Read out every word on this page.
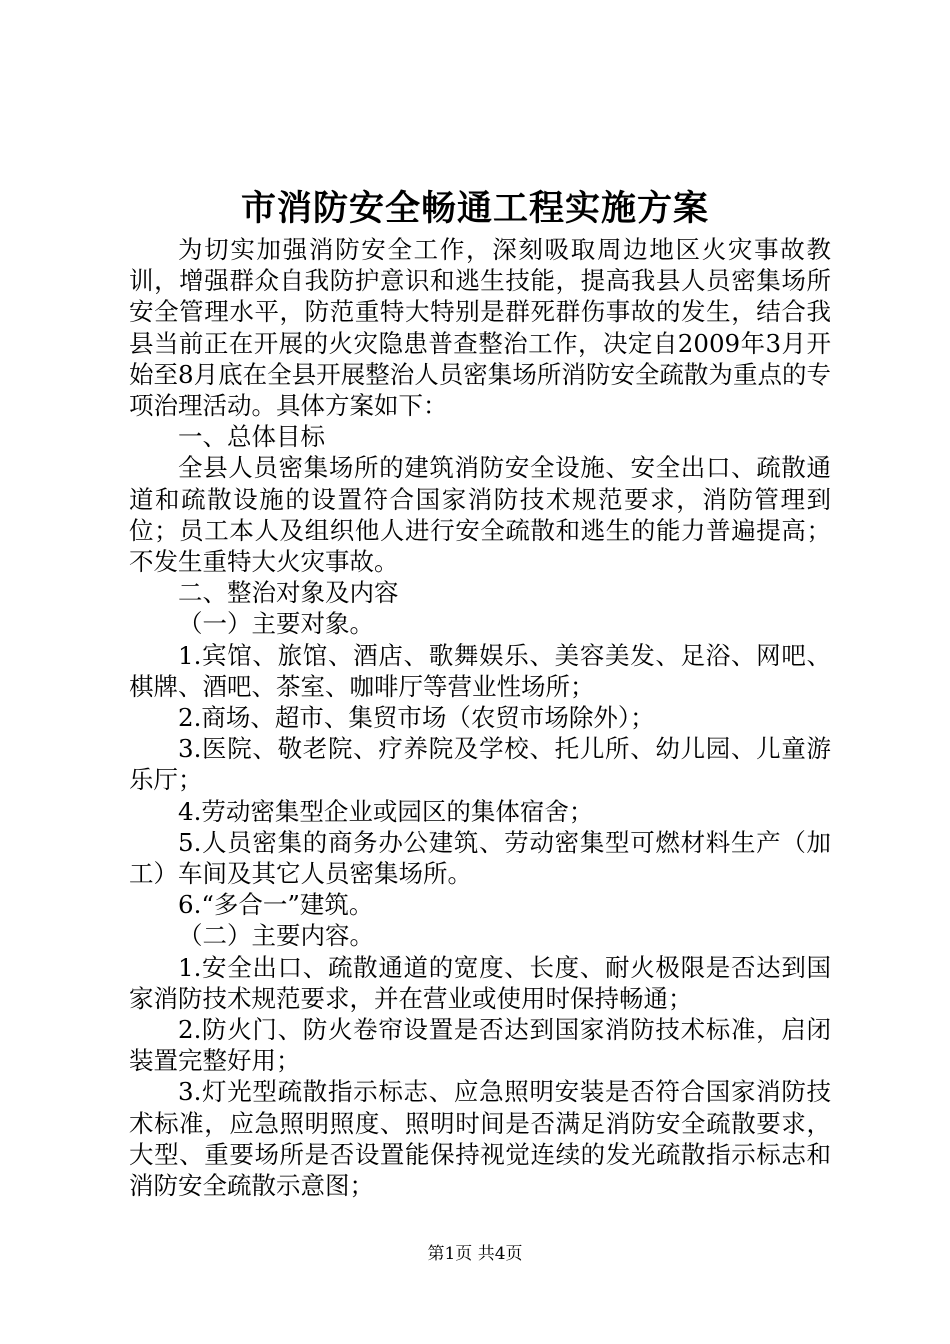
市消防安全畅通工程实施方案

为切实加强消防安全工作，深刻吸取周边地区火灾事故教训，增强群众自我防护意识和逃生技能，提高我县人员密集场所安全管理水平，防范重特大特别是群死群伤事故的发生，结合我县当前正在开展的火灾隐患普查整治工作，决定自2009年3月开始至8月底在全县开展整治人员密集场所消防安全疏散为重点的专项治理活动。具体方案如下：

一、总体目标

全县人员密集场所的建筑消防安全设施、安全出口、疏散通道和疏散设施的设置符合国家消防技术规范要求，消防管理到位；员工本人及组织他人进行安全疏散和逃生的能力普遍提高；不发生重特大火灾事故。

二、整治对象及内容

（一）主要对象。

1.宾馆、旅馆、酒店、歌舞娱乐、美容美发、足浴、网吧、棋牌、酒吧、茶室、咖啡厅等营业性场所；

2.商场、超市、集贸市场（农贸市场除外）；

3.医院、敬老院、疗养院及学校、托儿所、幼儿园、儿童游乐厅；

4.劳动密集型企业或园区的集体宿舍；

5.人员密集的商务办公建筑、劳动密集型可燃材料生产（加工）车间及其它人员密集场所。

6.“多合一”建筑。

（二）主要内容。

1.安全出口、疏散通道的宽度、长度、耐火极限是否达到国家消防技术规范要求，并在营业或使用时保持畅通；

2.防火门、防火卷帘设置是否达到国家消防技术标准，启闭装置完整好用；

3.灯光型疏散指示标志、应急照明安装是否符合国家消防技术标准，应急照明照度、照明时间是否满足消防安全疏散要求，大型、重要场所是否设置能保持视觉连续的发光疏散指示标志和消防安全疏散示意图；

第1页 共4页
